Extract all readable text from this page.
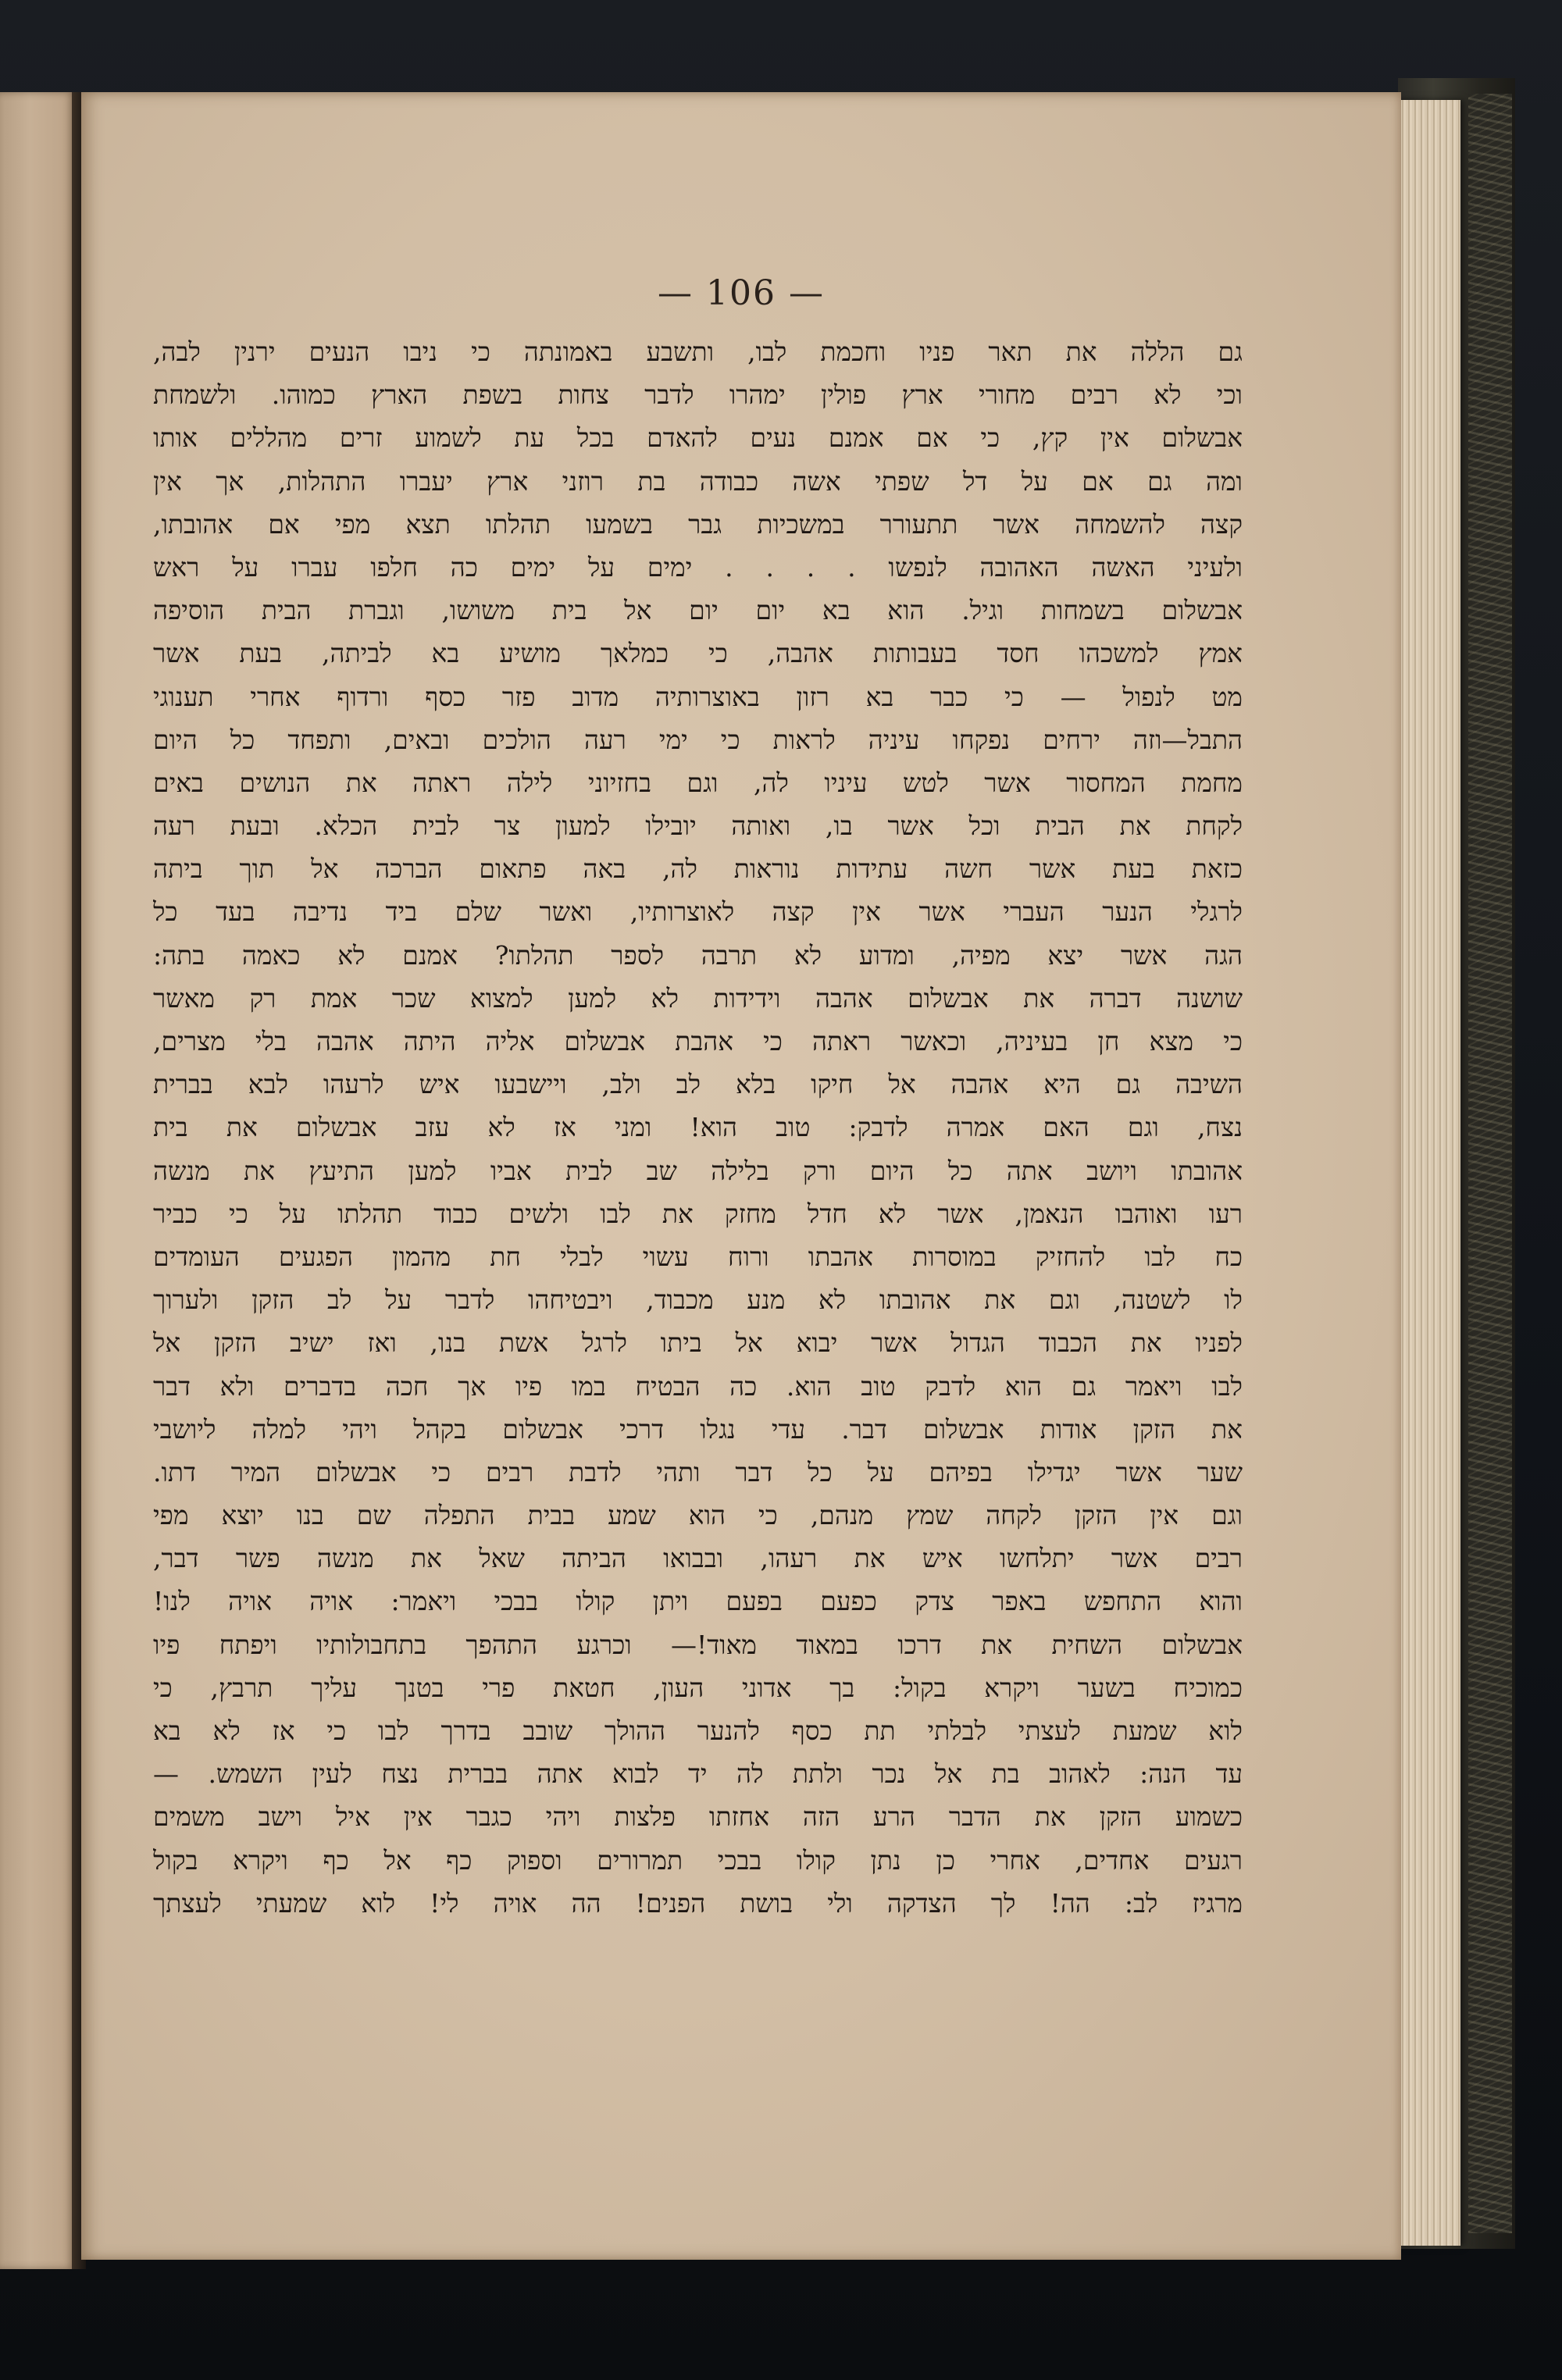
— 106 —
גם הללה את תאר פניו וחכמת לבו, ותשבע באמונתה כי ניבו הנעים ירנין לבה,
וכי לא רבים מחורי ארץ פולין ימהרו לדבר צחות בשפת הארץ כמוהו. ולשמחת
אבשלום אין קץ, כי אם אמנם נעים להאדם בכל עת לשמוע זרים מהללים אותו
ומה גם אם על דל שפתי אשה כבודה בת רוזני ארץ יעברו התהלות, אך אין
קצה להשמחה אשר תתעורר במשכיות גבר בשמעו תהלתו תצא מפי אם אהובתו,
ולעיני האשה האהובה לנפשו . . . . ימים על ימים כה חלפו עברו על ראש
אבשלום בשמחות וגיל. הוא בא יום יום אל בית משושו, וגברת הבית הוסיפה
אמץ למשכהו חסד בעבותות אהבה, כי כמלאך מושיע בא לביתה, בעת אשר
מט לנפול — כי כבר בא רזון באוצרותיה מדוב פזר כסף ורדוף אחרי תענוגי
התבל—וזה ירחים נפקחו עיניה לראות כי ימי רעה הולכים ובאים, ותפחד כל היום
מחמת המחסור אשר לטש עיניו לה, וגם בחזיוני לילה ראתה את הנושים באים
לקחת את הבית וכל אשר בו, ואותה יובילו למעון צר לבית הכלא. ובעת רעה
כזאת בעת אשר חשה עתידות נוראות לה, באה פתאום הברכה אל תוך ביתה
לרגלי הנער העברי אשר אין קצה לאוצרותיו, ואשר שלם ביד נדיבה בעד כל
הגה אשר יצא מפיה, ומדוע לא תרבה לספר תהלתו? אמנם לא כאמה בתה:
שושנה דברה את אבשלום אהבה וידידות לא למען למצוא שכר אמת רק מאשר
כי מצא חן בעיניה, וכאשר ראתה כי אהבת אבשלום אליה היתה אהבה בלי מצרים,
השיבה גם היא אהבה אל חיקו בלא לב ולב, ויישבעו איש לרעהו לבא בברית
נצח, וגם האם אמרה לדבק: טוב הוא! ומני אז לא עזב אבשלום את בית
אהובתו ויושב אתה כל היום ורק בלילה שב לבית אביו למען התיעץ את מנשה
רעו ואוהבו הנאמן, אשר לא חדל מחזק את לבו ולשים כבוד תהלתו על כי כביר
כח לבו להחזיק במוסרות אהבתו ורוח עשוי לבלי חת מהמון הפגעים העומדים
לו לשטנה, וגם את אהובתו לא מנע מכבוד, ויבטיחהו לדבר על לב הזקן ולערוך
לפניו את הכבוד הגדול אשר יבוא אל ביתו לרגל אשת בנו, ואז ישיב הזקן אל
לבו ויאמר גם הוא לדבק טוב הוא. כה הבטיח במו פיו אך חכה בדברים ולא דבר
את הזקן אודות אבשלום דבר. עדי נגלו דרכי אבשלום בקהל ויהי למלה ליושבי
שער אשר יגדילו בפיהם על כל דבר ותהי לדבת רבים כי אבשלום המיר דתו.
וגם אין הזקן לקחה שמץ מנהם, כי הוא שמע בבית התפלה שם בנו יוצא מפי
רבים אשר יתלחשו איש את רעהו, ובבואו הביתה שאל את מנשה פשר דבר,
והוא התחפש באפר צדק כפעם בפעם ויתן קולו בבכי ויאמר: אויה אויה לנו!
אבשלום השחית את דרכו במאוד מאוד!— וכרגע התהפך בתחבולותיו ויפתח פיו
כמוכיח בשער ויקרא בקול: בך אדוני העון, חטאת פרי בטנך עליך תרבץ, כי
לוא שמעת לעצתי לבלתי תת כסף להנער ההולך שובב בדרך לבו כי אז לא בא
עד הנה: לאהוב בת אל נכר ולתת לה יד לבוא אתה בברית נצח לעין השמש. —
כשמוע הזקן את הדבר הרע הזה אחזתו פלצות ויהי כגבר אין איל וישב משמים
רגעים אחדים, אחרי כן נתן קולו בבכי תמרורים וספוק כף אל כף ויקרא בקול
מרגיז לב: הה! לך הצדקה ולי בושת הפנים! הה אויה לי! לוא שמעתי לעצתך
